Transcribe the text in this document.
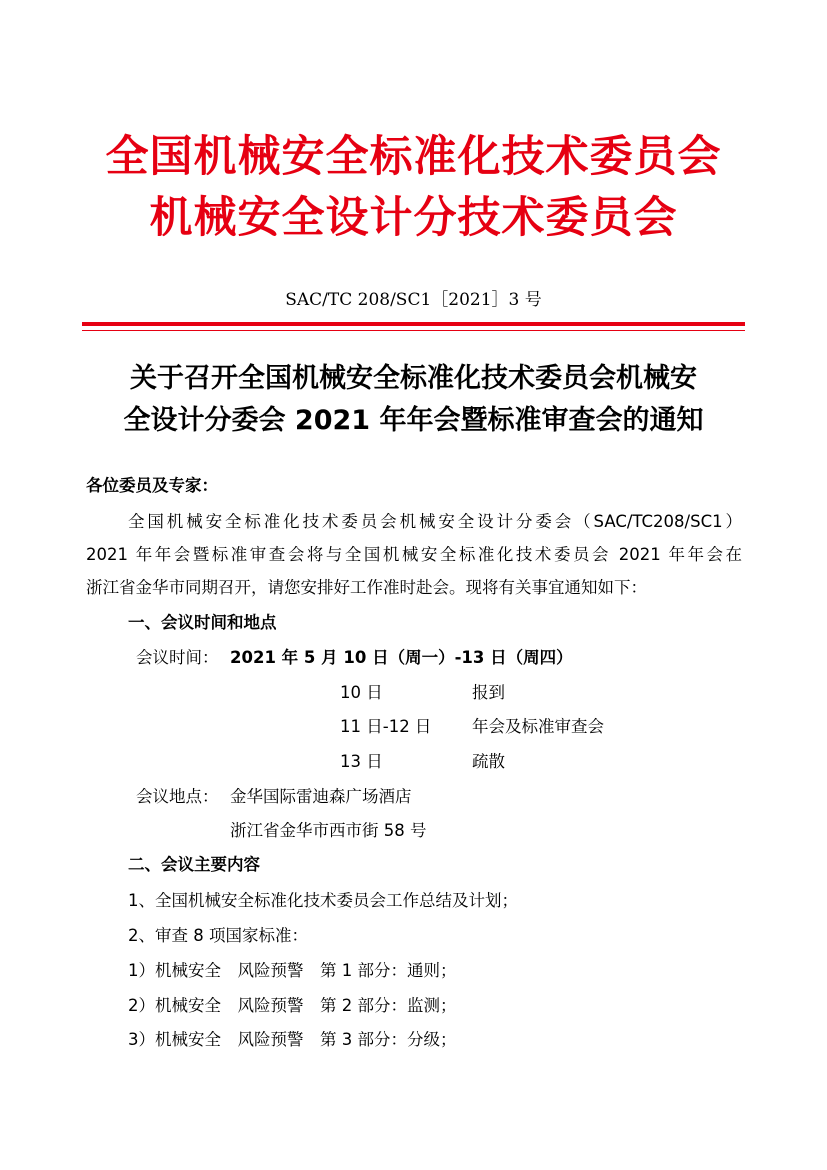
全国机械安全标准化技术委员会
机械安全设计分技术委员会
SAC/TC 208/SC1［2021］3 号
关于召开全国机械安全标准化技术委员会机械安
全设计分委会 2021 年年会暨标准审查会的通知
各位委员及专家：
全国机械安全标准化技术委员会机械安全设计分委会（SAC/TC208/SC1）
2021 年年会暨标准审查会将与全国机械安全标准化技术委员会 2021 年年会在
浙江省金华市同期召开，请您安排好工作准时赴会。现将有关事宜通知如下：
一、会议时间和地点
会议时间： 2021 年 5 月 10 日（周一）-13 日（周四）
10 日	报到
11 日-12 日 年会及标准审查会
13 日	疏散
会议地点： 金华国际雷迪森广场酒店
浙江省金华市西市街 58 号
二、会议主要内容
1、全国机械安全标准化技术委员会工作总结及计划；
2、审查 8 项国家标准：
1）机械安全　风险预警　第 1 部分：通则；
2）机械安全　风险预警　第 2 部分：监测；
3）机械安全　风险预警　第 3 部分：分级；
